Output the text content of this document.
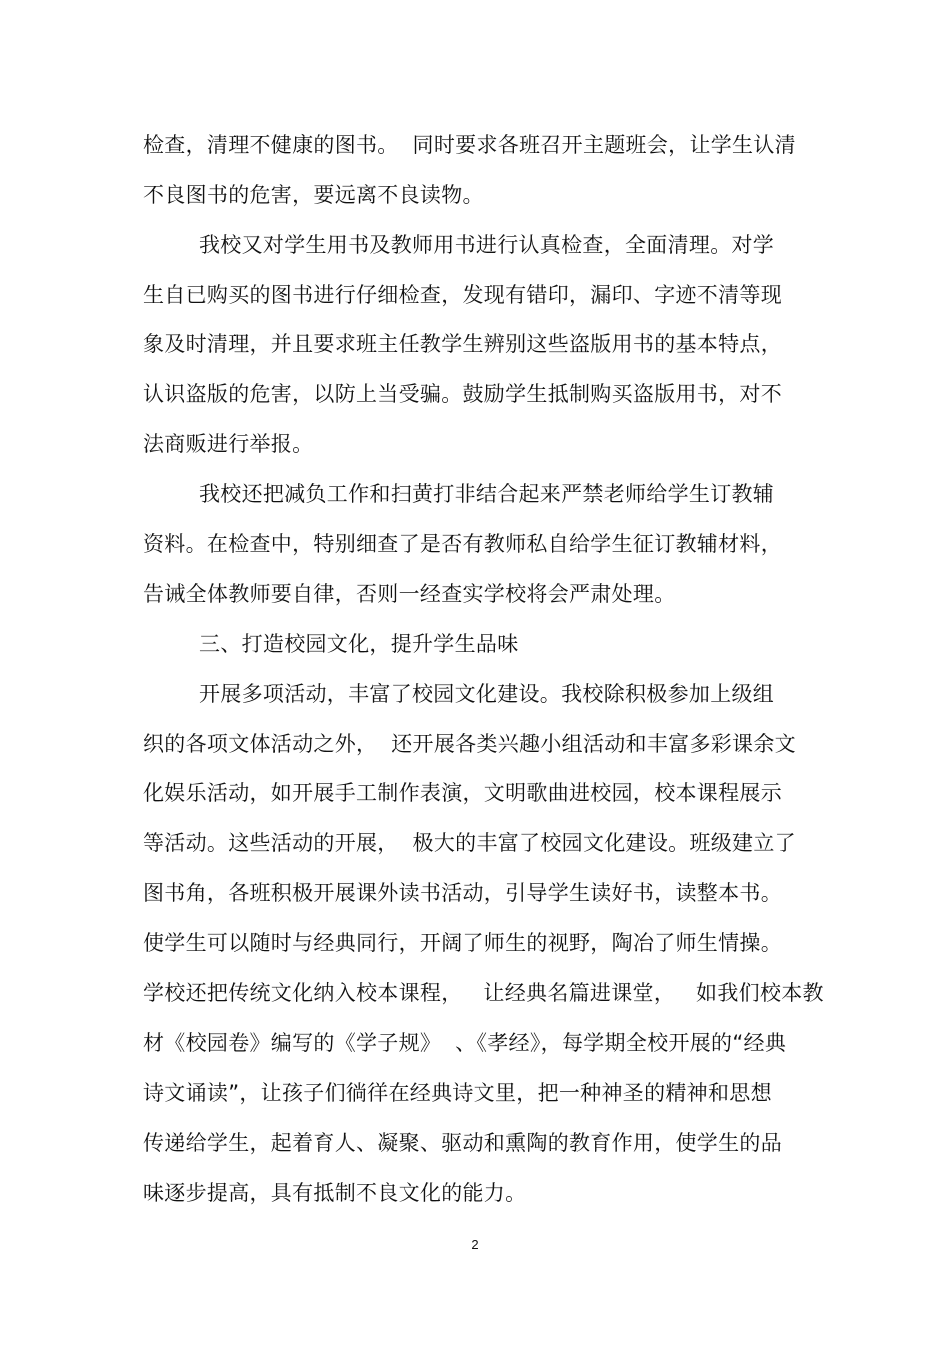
检查，清理不健康的图书。  同时要求各班召开主题班会，让学生认清
不良图书的危害，要远离不良读物。
我校又对学生用书及教师用书进行认真检查，全面清理。对学
生自已购买的图书进行仔细检查，发现有错印，漏印、字迹不清等现
象及时清理，并且要求班主任教学生辨别这些盗版用书的基本特点，
认识盗版的危害，以防上当受骗。鼓励学生抵制购买盗版用书，对不
法商贩进行举报。
我校还把减负工作和扫黄打非结合起来严禁老师给学生订教辅
资料。在检查中，特别细查了是否有教师私自给学生征订教辅材料，
告诫全体教师要自律，否则一经查实学校将会严肃处理。
三、打造校园文化，提升学生品味
开展多项活动，丰富了校园文化建设。我校除积极参加上级组
织的各项文体活动之外，  还开展各类兴趣小组活动和丰富多彩课余文
化娱乐活动，如开展手工制作表演，文明歌曲进校园，校本课程展示
等活动。这些活动的开展，  极大的丰富了校园文化建设。班级建立了
图书角，各班积极开展课外读书活动，引导学生读好书，读整本书。
使学生可以随时与经典同行，开阔了师生的视野，陶冶了师生情操。
学校还把传统文化纳入校本课程，   让经典名篇进课堂，   如我们校本教
材《校园卷》编写的《学子规》  、《孝经》，每学期全校开展的“经典
诗文诵读”，让孩子们徜徉在经典诗文里，把一种神圣的精神和思想
传递给学生，起着育人、凝聚、驱动和熏陶的教育作用，使学生的品
味逐步提高，具有抵制不良文化的能力。
2
